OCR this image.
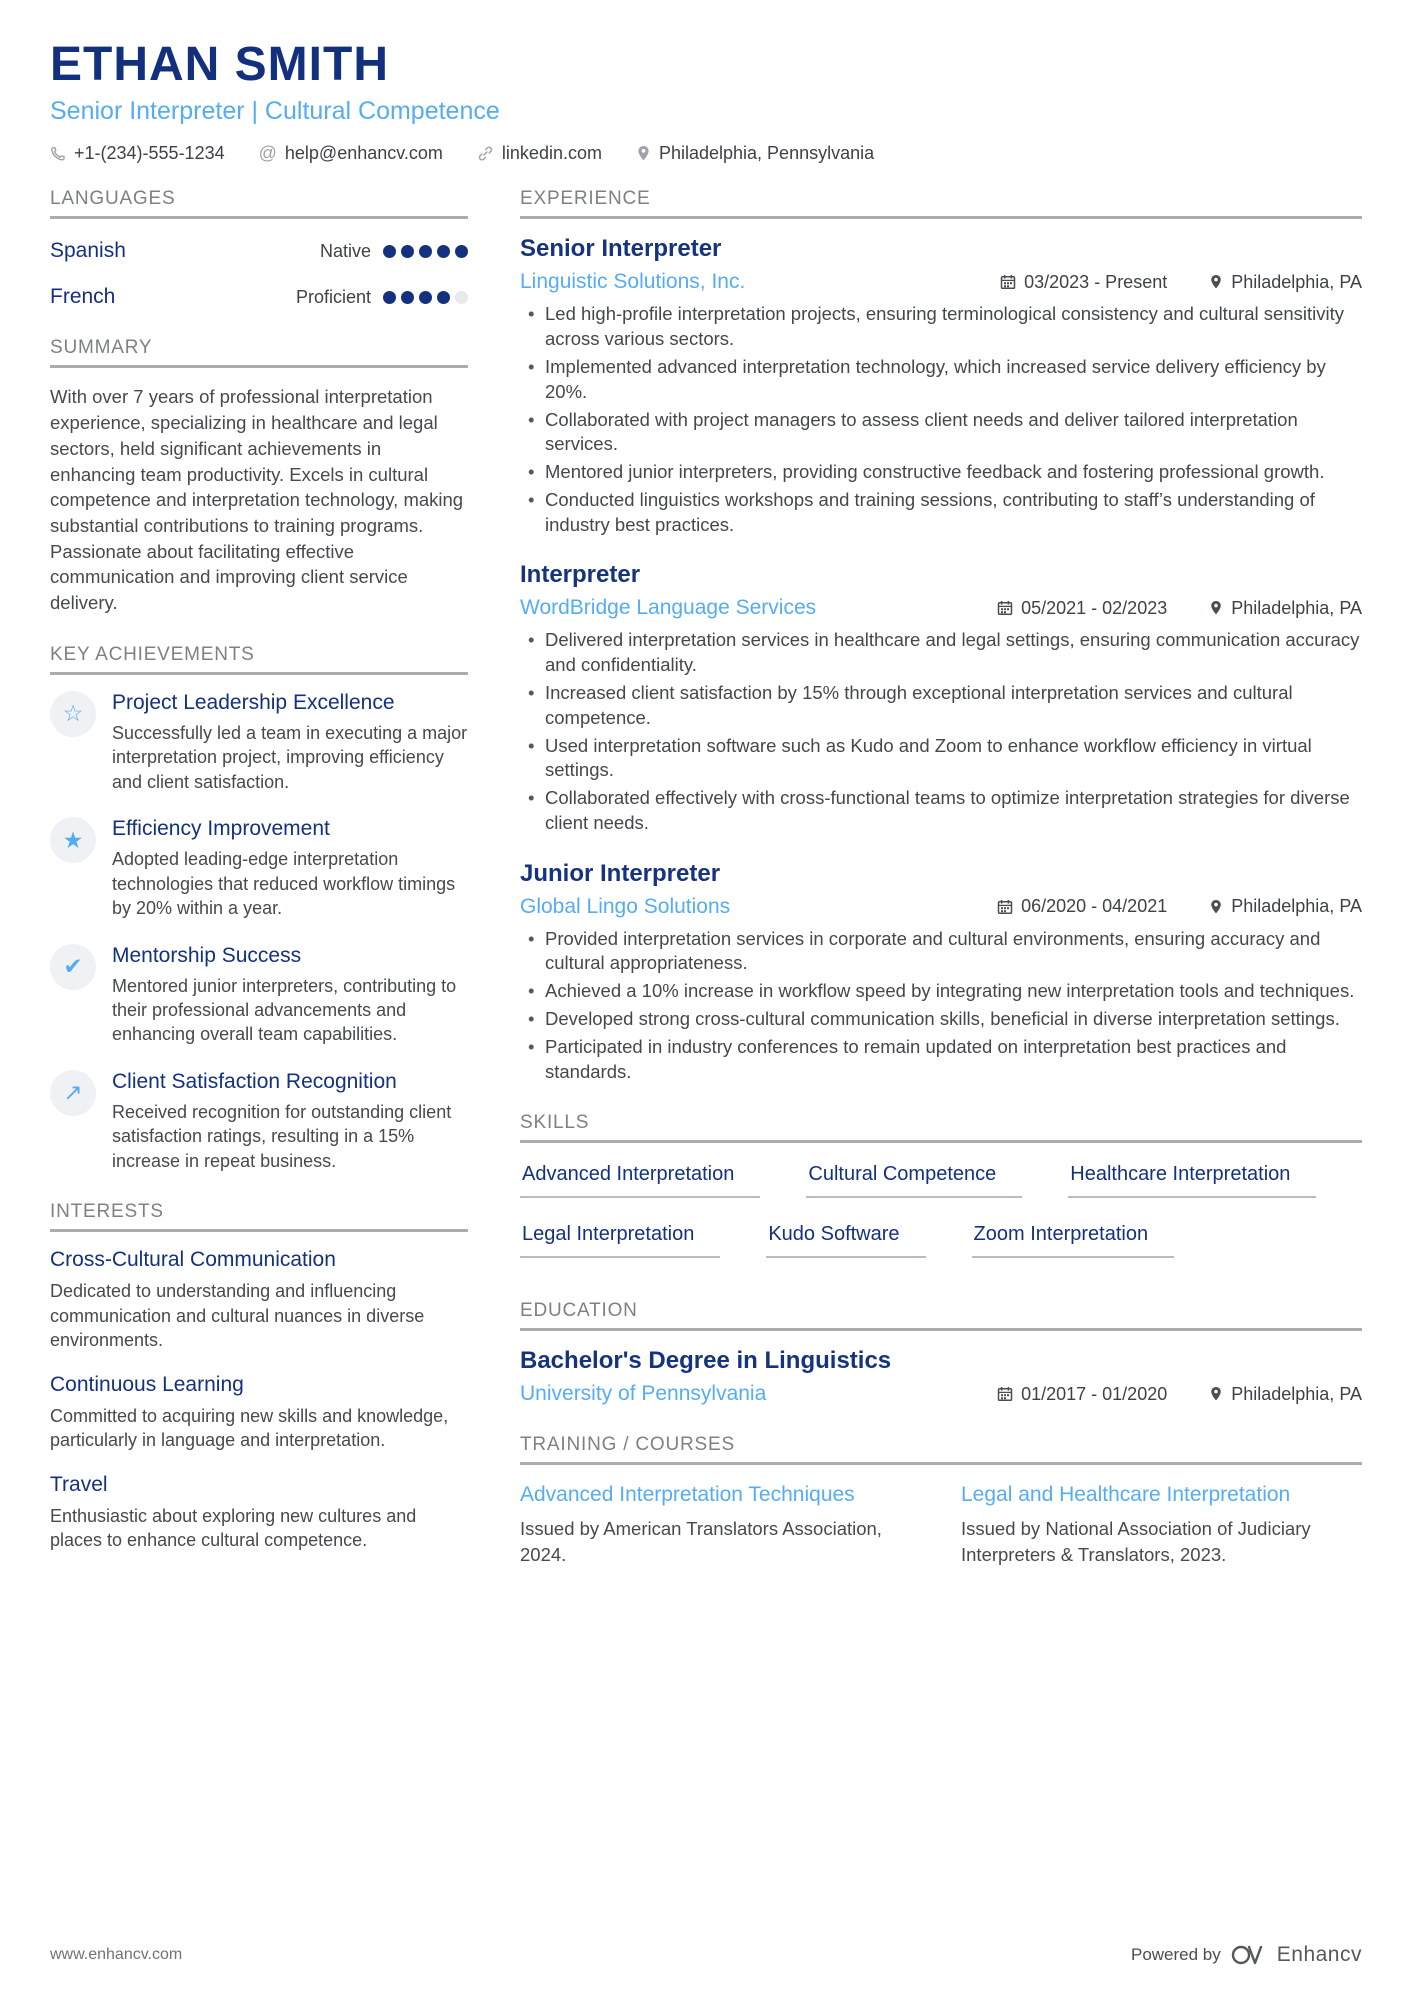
ETHAN SMITH
Senior Interpreter | Cultural Competence
+1-(234)-555-1234 @ help@enhancv.com	linkedin.com	Philadelphia, Pennsylvania
LANGUAGES
Spanish	Native
French	Proficient
SUMMARY
With over 7 years of professional interpretation experience, specializing in healthcare and legal sectors, held significant achievements in enhancing team productivity. Excels in cultural competence and interpretation technology, making substantial contributions to training programs. Passionate about facilitating effective communication and improving client service delivery.
KEY ACHIEVEMENTS
☆	Project Leadership Excellence
Successfully led a team in executing a major interpretation project, improving efficiency and client satisfaction.
★	Efficiency Improvement
Adopted leading-edge interpretation technologies that reduced workflow timings by 20% within a year.
✔	Mentorship Success
Mentored junior interpreters, contributing to their professional advancements and enhancing overall team capabilities.
↗	Client Satisfaction Recognition
Received recognition for outstanding client satisfaction ratings, resulting in a 15% increase in repeat business.
INTERESTS
Cross-Cultural Communication
Dedicated to understanding and influencing communication and cultural nuances in diverse environments.
Continuous Learning
Committed to acquiring new skills and knowledge, particularly in language and interpretation.
Travel
Enthusiastic about exploring new cultures and places to enhance cultural competence.
EXPERIENCE
Senior Interpreter
Linguistic Solutions, Inc.	03/2023 - Present	Philadelphia, PA
• Led high-profile interpretation projects, ensuring terminological consistency and cultural sensitivity across various sectors.
• Implemented advanced interpretation technology, which increased service delivery efficiency by 20%.
• Collaborated with project managers to assess client needs and deliver tailored interpretation services.
• Mentored junior interpreters, providing constructive feedback and fostering professional growth.
• Conducted linguistics workshops and training sessions, contributing to staff’s understanding of industry best practices.
Interpreter
WordBridge Language Services	05/2021 - 02/2023	Philadelphia, PA
• Delivered interpretation services in healthcare and legal settings, ensuring communication accuracy and confidentiality.
• Increased client satisfaction by 15% through exceptional interpretation services and cultural competence.
• Used interpretation software such as Kudo and Zoom to enhance workflow efficiency in virtual settings.
• Collaborated effectively with cross-functional teams to optimize interpretation strategies for diverse client needs.
Junior Interpreter
Global Lingo Solutions	06/2020 - 04/2021	Philadelphia, PA
• Provided interpretation services in corporate and cultural environments, ensuring accuracy and cultural appropriateness.
• Achieved a 10% increase in workflow speed by integrating new interpretation tools and techniques.
• Developed strong cross-cultural communication skills, beneficial in diverse interpretation settings.
• Participated in industry conferences to remain updated on interpretation best practices and standards.
SKILLS
Advanced Interpretation	Cultural Competence	Healthcare Interpretation
Legal Interpretation	Kudo Software	Zoom Interpretation
EDUCATION
Bachelor's Degree in Linguistics
University of Pennsylvania	01/2017 - 01/2020	Philadelphia, PA
TRAINING / COURSES
Advanced Interpretation Techniques
Issued by American Translators Association, 2024.
Legal and Healthcare Interpretation
Issued by National Association of Judiciary Interpreters & Translators, 2023.
www.enhancv.com	Powered by	Enhancv
